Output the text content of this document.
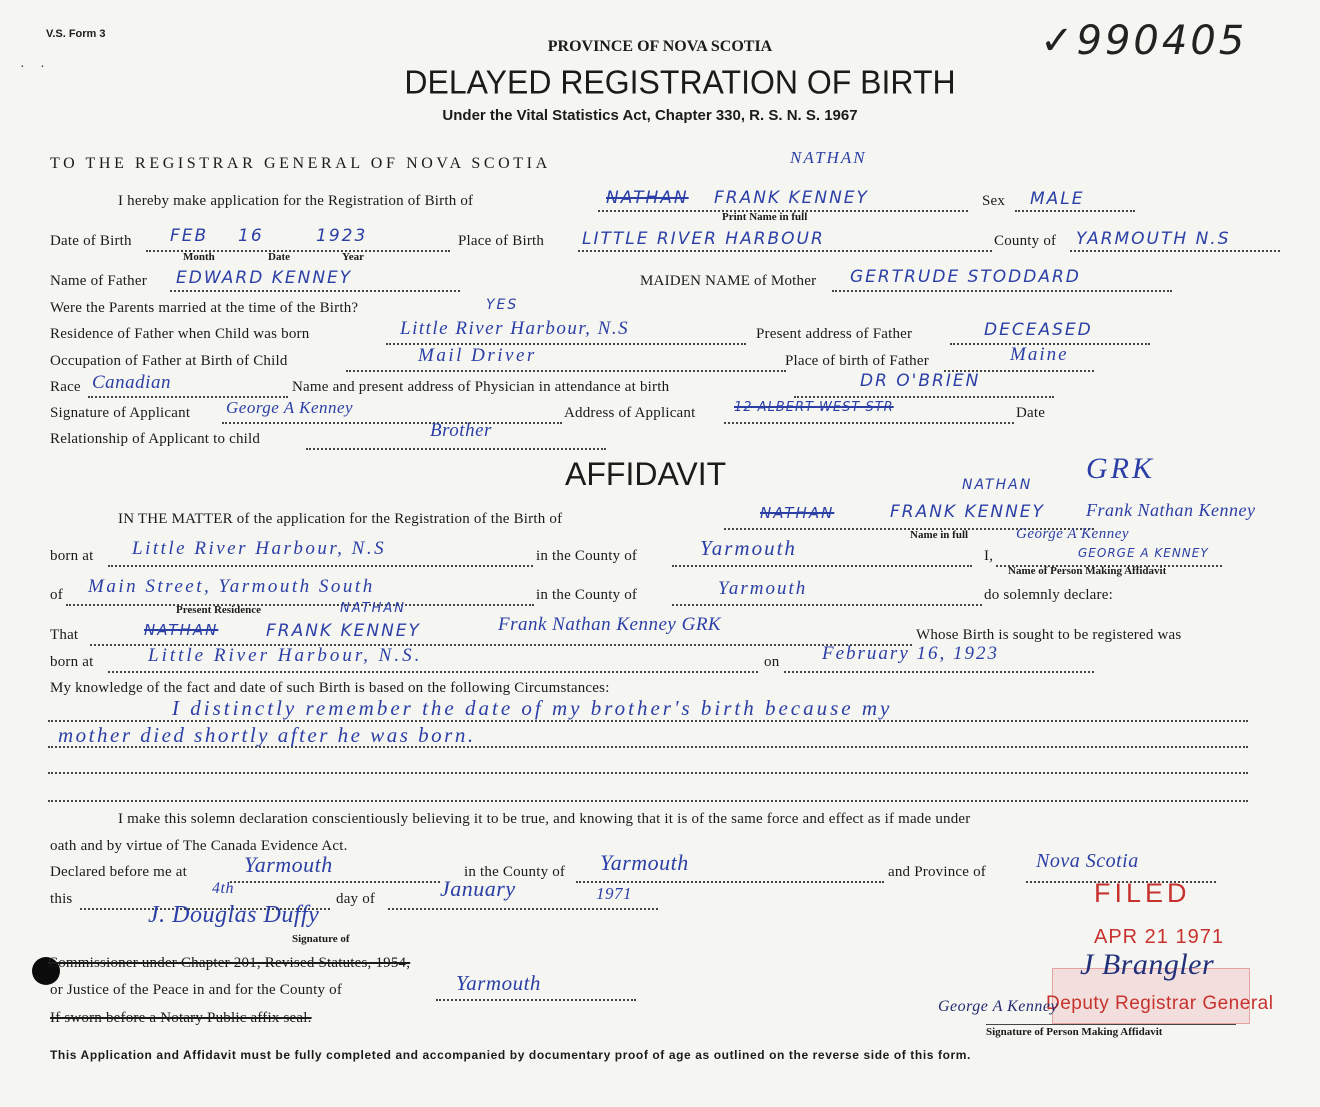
V.S. Form 3	✓990405
· ·
PROVINCE OF NOVA SCOTIA
DELAYED REGISTRATION OF BIRTH
Under the Vital Statistics Act, Chapter 330, R. S. N. S. 1967
TO THE REGISTRAR GENERAL OF NOVA SCOTIA	NATHAN
I hereby make application for the Registration of Birth of	NATHAN FRANK KENNEY
Print Name in full
Sex MALE
Date of Birth FEB 16	1923
Month	Date	Year
Place of Birth LITTLE RIVER HARBOUR	County of YARMOUTH N.S
Name of Father EDWARD KENNEY	MAIDEN NAME of Mother GERTRUDE STODDARD
Were the Parents married at the time of the Birth?	YES
Residence of Father when Child was born	Little River Harbour, N.S	Present address of Father	DECEASED
Occupation of Father at Birth of Child	Mail Driver	Place of birth of Father	Maine
Race Canadian	Name and present address of Physician in attendance at birth	DR O'BRIEN
Signature of Applicant George A Kenney	Address of Applicant	12 ALBERT WEST STR	Date
Relationship of Applicant to child	Brother
AFFIDAVIT	GRK
NATHAN
IN THE MATTER of the application for the Registration of the Birth of	NATHAN	FRANK KENNEY Frank Nathan Kenney
Name in full
born at Little River Harbour, N.S	in the County of	Yarmouth	I,
George A Kenney
GEORGE A KENNEY
Name of Person Making Affidavit
of Main Street, Yarmouth South
Present Residence
in the County of	Yarmouth	do solemnly declare:
NATHAN
That	NATHAN	FRANK KENNEY	Frank Nathan Kenney GRK	Whose Birth is sought to be registered was
born at	Little River Harbour, N.S.	on February 16, 1923
My knowledge of the fact and date of such Birth is based on the following Circumstances:
I distinctly remember the date of my brother's birth because my
mother died shortly after he was born.
I make this solemn declaration conscientiously believing it to be true, and knowing that it is of the same force and effect as if made under
oath and by virtue of The Canada Evidence Act.
Declared before me at	Yarmouth	in the County of Yarmouth	and Province of	Nova Scotia
this
4th
day of	January	1971
J. Douglas Duffy
Signature of
Commissioner under Chapter 201, Revised Statutes, 1954,
or Justice of the Peace in and for the County of	Yarmouth
If sworn before a Notary Public affix seal.
FILED
APR 21 1971
J Brangler
Deputy Registrar General
George A Kenney
Signature of Person Making Affidavit
This Application and Affidavit must be fully completed and accompanied by documentary proof of age as outlined on the reverse side of this form.
